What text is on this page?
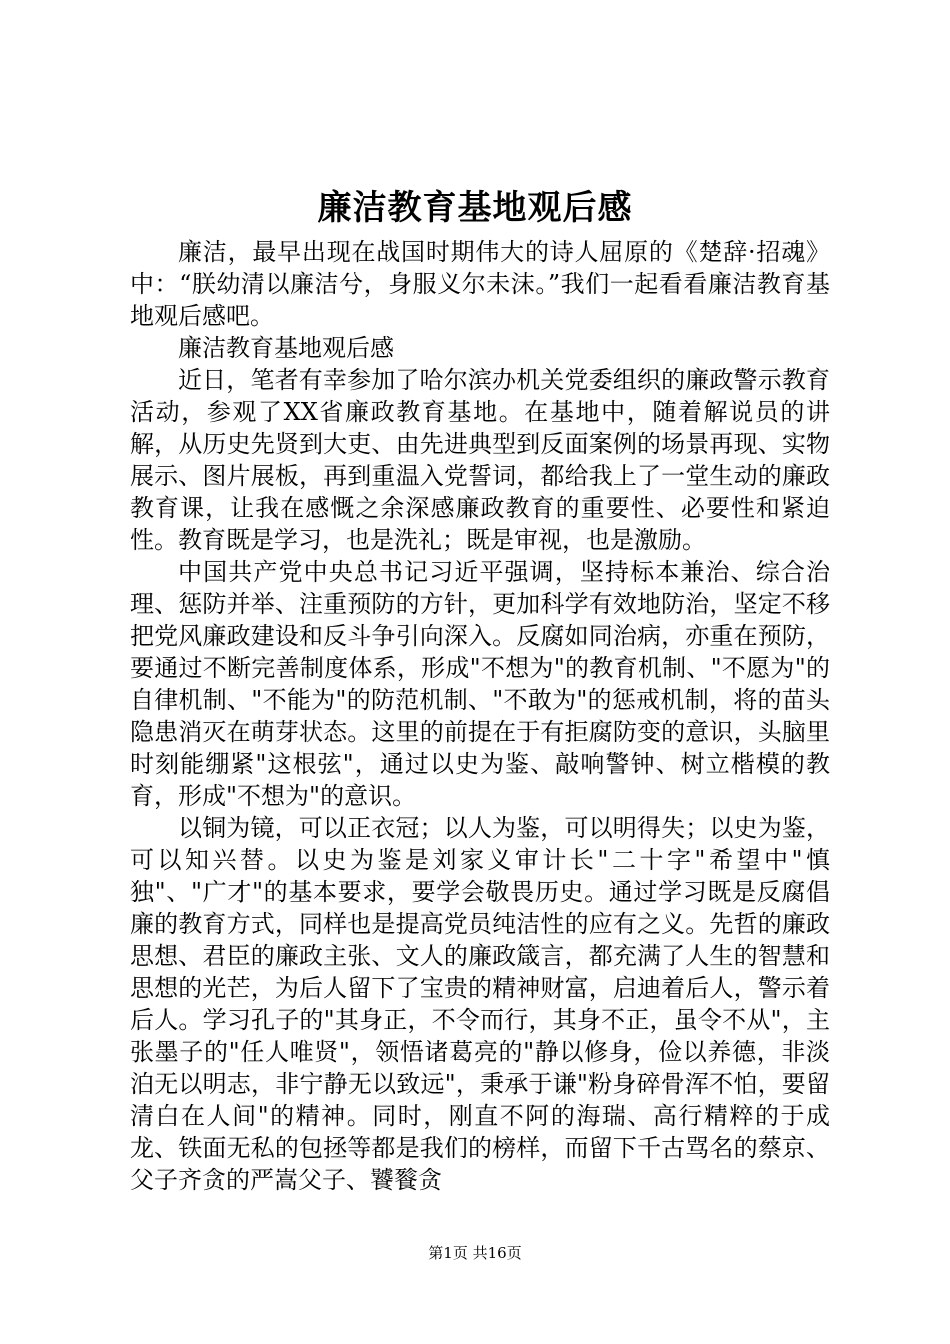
廉洁教育基地观后感

廉洁，最早出现在战国时期伟大的诗人屈原的《楚辞·招魂》中：“朕幼清以廉洁兮，身服义尔未沫。”我们一起看看廉洁教育基地观后感吧。

廉洁教育基地观后感

近日，笔者有幸参加了哈尔滨办机关党委组织的廉政警示教育活动，参观了XX省廉政教育基地。在基地中，随着解说员的讲解，从历史先贤到大吏、由先进典型到反面案例的场景再现、实物展示、图片展板，再到重温入党誓词，都给我上了一堂生动的廉政教育课，让我在感慨之余深感廉政教育的重要性、必要性和紧迫性。教育既是学习，也是洗礼；既是审视，也是激励。

中国共产党中央总书记习近平强调，坚持标本兼治、综合治理、惩防并举、注重预防的方针，更加科学有效地防治，坚定不移把党风廉政建设和反斗争引向深入。反腐如同治病，亦重在预防，要通过不断完善制度体系，形成"不想为"的教育机制、"不愿为"的自律机制、"不能为"的防范机制、"不敢为"的惩戒机制，将的苗头隐患消灭在萌芽状态。这里的前提在于有拒腐防变的意识，头脑里时刻能绷紧"这根弦"，通过以史为鉴、敲响警钟、树立楷模的教育，形成"不想为"的意识。

以铜为镜，可以正衣冠；以人为鉴，可以明得失；以史为鉴，可以知兴替。以史为鉴是刘家义审计长"二十字"希望中"慎独"、"广才"的基本要求，要学会敬畏历史。通过学习既是反腐倡廉的教育方式，同样也是提高党员纯洁性的应有之义。先哲的廉政思想、君臣的廉政主张、文人的廉政箴言，都充满了人生的智慧和思想的光芒，为后人留下了宝贵的精神财富，启迪着后人，警示着后人。学习孔子的"其身正，不令而行，其身不正，虽令不从"，主张墨子的"任人唯贤"，领悟诸葛亮的"静以修身，俭以养德，非淡泊无以明志，非宁静无以致远"，秉承于谦"粉身碎骨浑不怕，要留清白在人间"的精神。同时，刚直不阿的海瑞、高行精粹的于成龙、铁面无私的包拯等都是我们的榜样，而留下千古骂名的蔡京、父子齐贪的严嵩父子、饕餮贪

第1页 共16页
